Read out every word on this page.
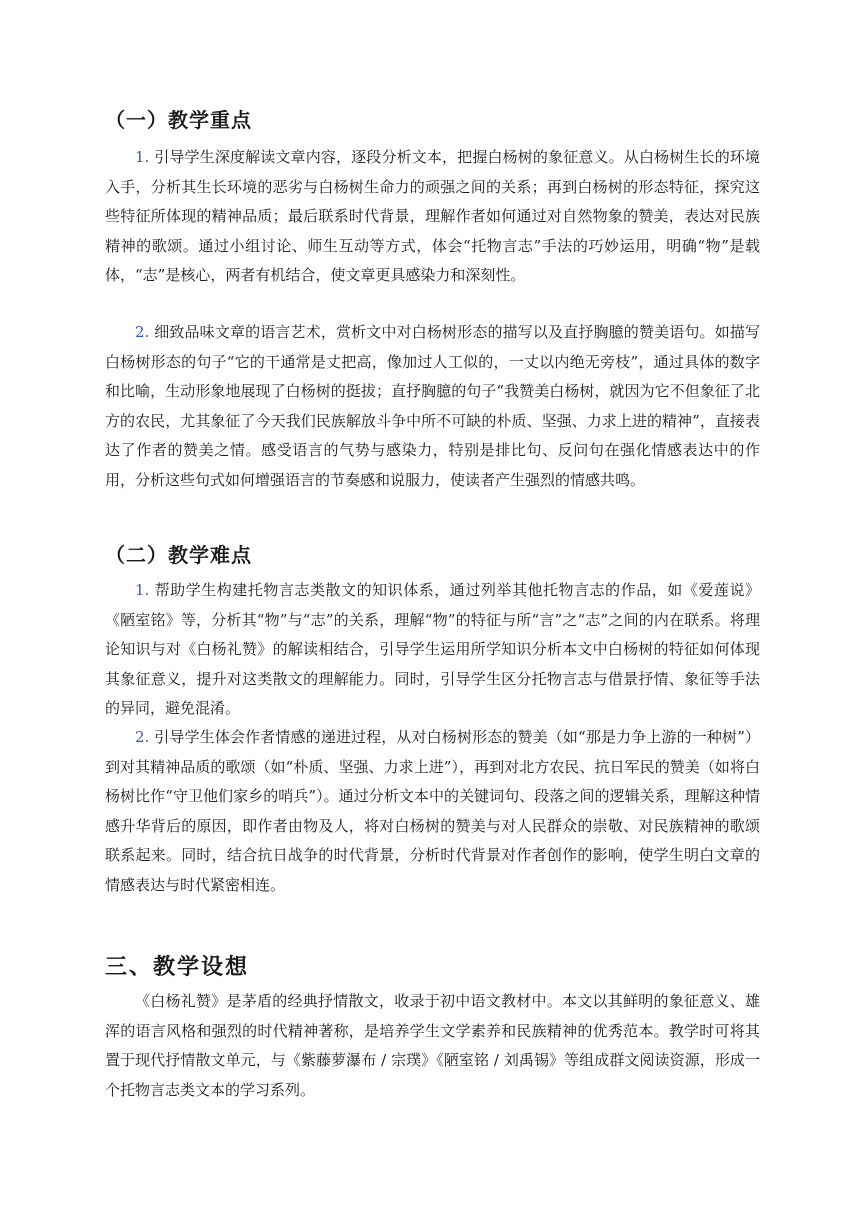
（一）教学重点

1. 引导学生深度解读文章内容，逐段分析文本，把握白杨树的象征意义。从白杨树生长的环境入手，分析其生长环境的恶劣与白杨树生命力的顽强之间的关系；再到白杨树的形态特征，探究这些特征所体现的精神品质；最后联系时代背景，理解作者如何通过对自然物象的赞美，表达对民族精神的歌颂。通过小组讨论、师生互动等方式，体会“托物言志”手法的巧妙运用，明确“物”是载体，“志”是核心，两者有机结合，使文章更具感染力和深刻性。

2. 细致品味文章的语言艺术，赏析文中对白杨树形态的描写以及直抒胸臆的赞美语句。如描写白杨树形态的句子“它的干通常是丈把高，像加过人工似的，一丈以内绝无旁枝”，通过具体的数字和比喻，生动形象地展现了白杨树的挺拔；直抒胸臆的句子“我赞美白杨树，就因为它不但象征了北方的农民，尤其象征了今天我们民族解放斗争中所不可缺的朴质、坚强、力求上进的精神”，直接表达了作者的赞美之情。感受语言的气势与感染力，特别是排比句、反问句在强化情感表达中的作用，分析这些句式如何增强语言的节奏感和说服力，使读者产生强烈的情感共鸣。

（二）教学难点

1. 帮助学生构建托物言志类散文的知识体系，通过列举其他托物言志的作品，如《爱莲说》《陋室铭》等，分析其“物”与“志”的关系，理解“物”的特征与所“言”之“志”之间的内在联系。将理论知识与对《白杨礼赞》的解读相结合，引导学生运用所学知识分析本文中白杨树的特征如何体现其象征意义，提升对这类散文的理解能力。同时，引导学生区分托物言志与借景抒情、象征等手法的异同，避免混淆。

2. 引导学生体会作者情感的递进过程，从对白杨树形态的赞美（如“那是力争上游的一种树”）到对其精神品质的歌颂（如“朴质、坚强、力求上进”），再到对北方农民、抗日军民的赞美（如将白杨树比作“守卫他们家乡的哨兵”）。通过分析文本中的关键词句、段落之间的逻辑关系，理解这种情感升华背后的原因，即作者由物及人，将对白杨树的赞美与对人民群众的崇敬、对民族精神的歌颂联系起来。同时，结合抗日战争的时代背景，分析时代背景对作者创作的影响，使学生明白文章的情感表达与时代紧密相连。

三、教学设想

《白杨礼赞》是茅盾的经典抒情散文，收录于初中语文教材中。本文以其鲜明的象征意义、雄浑的语言风格和强烈的时代精神著称，是培养学生文学素养和民族精神的优秀范本。教学时可将其置于现代抒情散文单元，与《紫藤萝瀑布 / 宗璞》《陋室铭 / 刘禹锡》等组成群文阅读资源，形成一个托物言志类文本的学习系列。
